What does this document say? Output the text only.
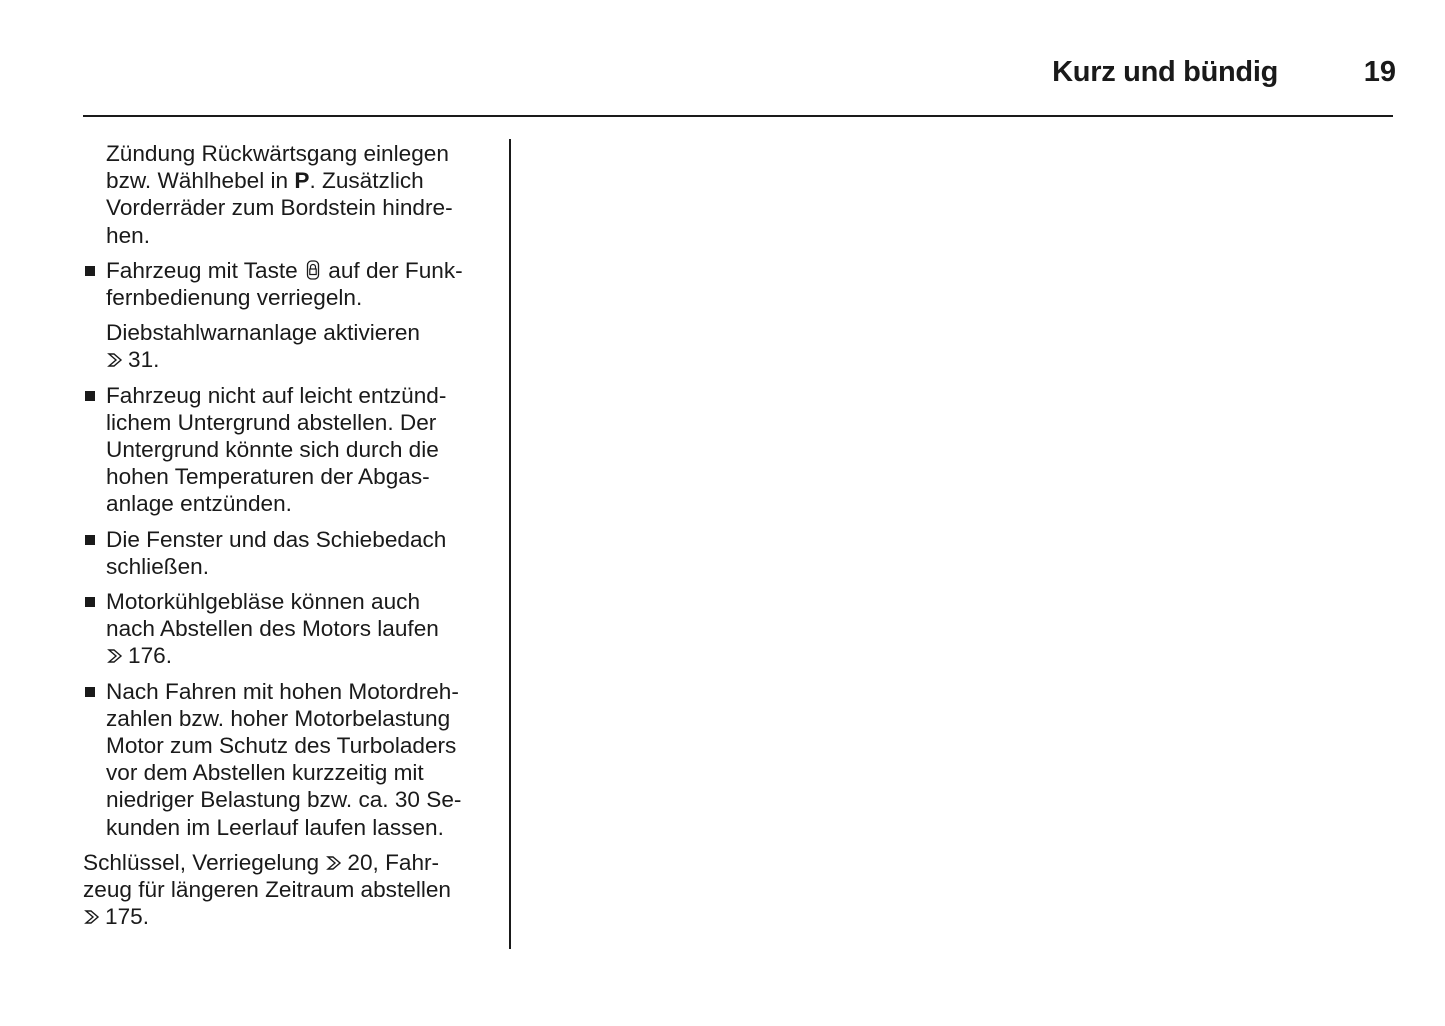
Kurz und bündig	19
Zündung Rückwärtsgang einlegen
bzw. Wählhebel in P. Zusätzlich
Vorderräder zum Bordstein hindre-
hen.
Fahrzeug mit Taste  auf der Funk-
fernbedienung verriegeln.
Diebstahlwarnanlage aktivieren
31.
Fahrzeug nicht auf leicht entzünd-
lichem Untergrund abstellen. Der
Untergrund könnte sich durch die
hohen Temperaturen der Abgas-
anlage entzünden.
Die Fenster und das Schiebedach
schließen.
Motorkühlgebläse können auch
nach Abstellen des Motors laufen
176.
Nach Fahren mit hohen Motordreh-
zahlen bzw. hoher Motorbelastung
Motor zum Schutz des Turboladers
vor dem Abstellen kurzzeitig mit
niedriger Belastung bzw. ca. 30 Se-
kunden im Leerlauf laufen lassen.
Schlüssel, Verriegelung 20, Fahr-
zeug für längeren Zeitraum abstellen
175.
